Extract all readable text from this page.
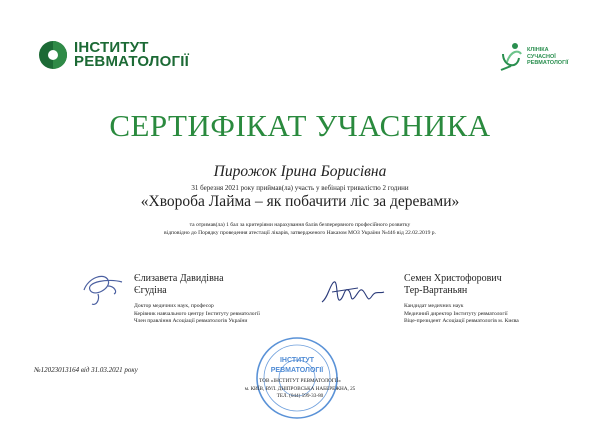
ІНСТИТУТ
РЕВМАТОЛОГІЇ
КЛІНІКА
СУЧАСНОЇ
РЕВМАТОЛОГІЇ
СЕРТИФІКАТ УЧАСНИКА
Пирожок Ірина Борисівна
31 березня 2021 року приймав(ла) участь у вебінарі тривалістю 2 години
«Хвороба Лайма – як побачити ліс за деревами»
та отримав(ла) 1 бал за критеріями нарахування балів безперервного професійного розвитку
відповідно до Порядку проведення атестації лікарів, затвердженого Наказом МОЗ України №446 від 22.02.2019 р.
Єлизавета Давидівна
Єгудіна
Доктор медичних наук, професор
Керівник навчального центру Інституту ревматології
Член правління Асоціації ревматологів України
Семен Христофорович
Тер-Вартаньян
Кандидат медичних наук
Медичний директор Інституту ревматології
Віце-президент Асоціації ревматологів м. Києва
ІНСТИТУТ
РЕВМАТОЛОГІЇ
№12023013164 від 31.03.2021 року
ТОВ «ІНСТИТУТ РЕВМАТОЛОГІЇ»
м. КИЇВ, ВУЛ. ДНІПРОВСЬКА НАБЕРЕЖНА, 25
ТЕЛ. (044) 599-33-80
